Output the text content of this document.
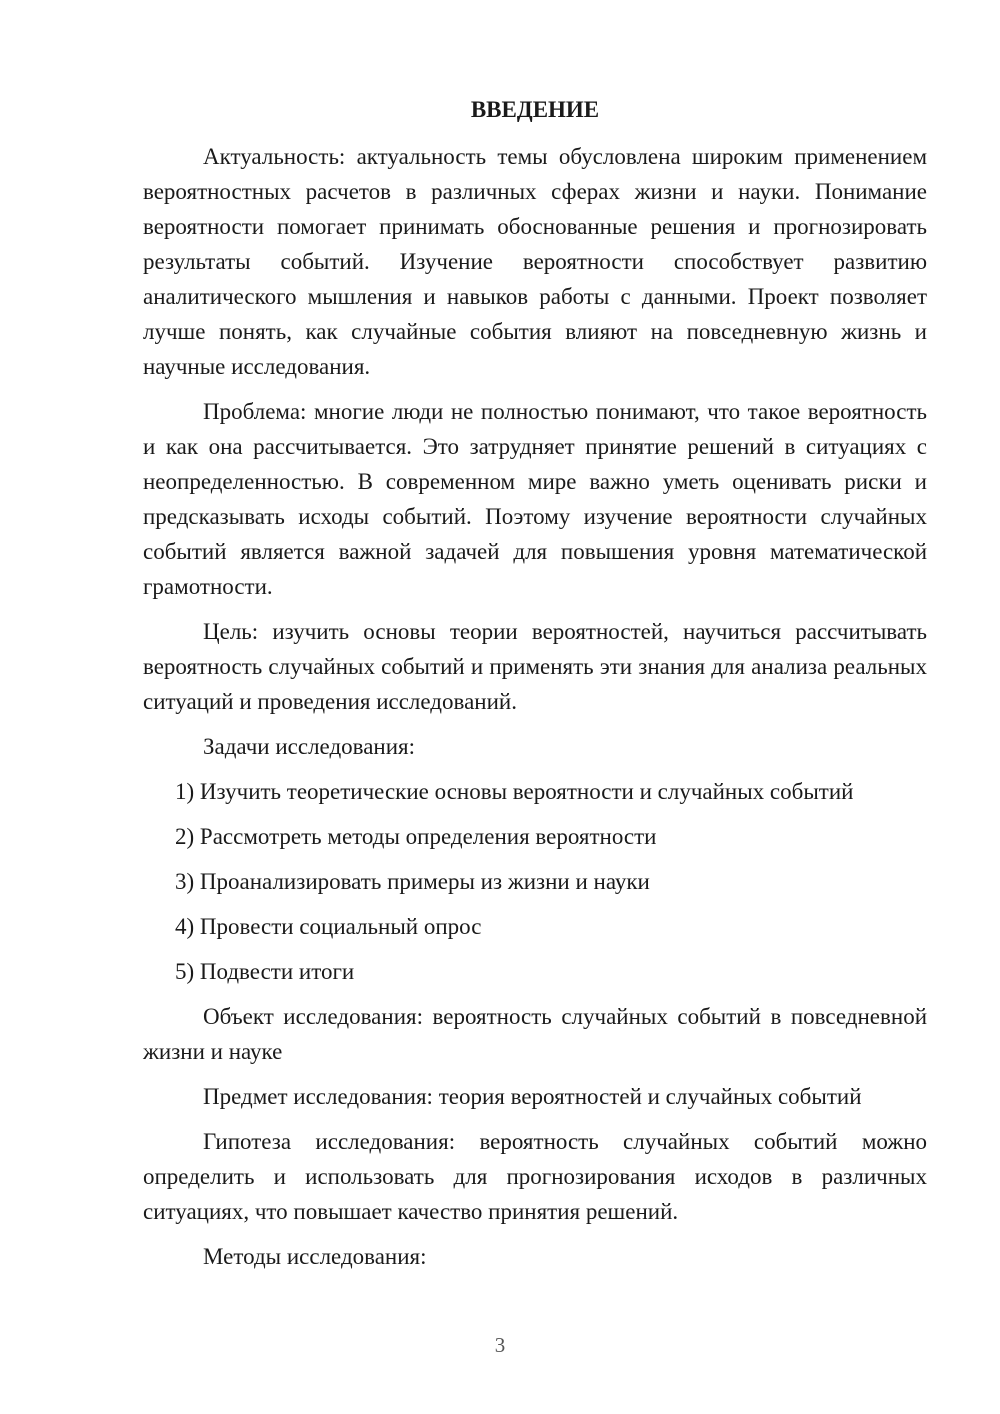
ВВЕДЕНИЕ

Актуальность: актуальность темы обусловлена широким применением вероятностных расчетов в различных сферах жизни и науки. Понимание вероятности помогает принимать обоснованные решения и прогнозировать результаты событий. Изучение вероятности способствует развитию аналитического мышления и навыков работы с данными. Проект позволяет лучше понять, как случайные события влияют на повседневную жизнь и научные исследования.

Проблема: многие люди не полностью понимают, что такое вероятность и как она рассчитывается. Это затрудняет принятие решений в ситуациях с неопределенностью. В современном мире важно уметь оценивать риски и предсказывать исходы событий. Поэтому изучение вероятности случайных событий является важной задачей для повышения уровня математической грамотности.

Цель: изучить основы теории вероятностей, научиться рассчитывать вероятность случайных событий и применять эти знания для анализа реальных ситуаций и проведения исследований.

Задачи исследования:

1) Изучить теоретические основы вероятности и случайных событий
2) Рассмотреть методы определения вероятности
3) Проанализировать примеры из жизни и науки
4) Провести социальный опрос
5) Подвести итоги

Объект исследования: вероятность случайных событий в повседневной жизни и науке

Предмет исследования: теория вероятностей и случайных событий

Гипотеза исследования: вероятность случайных событий можно определить и использовать для прогнозирования исходов в различных ситуациях, что повышает качество принятия решений.

Методы исследования:

3
